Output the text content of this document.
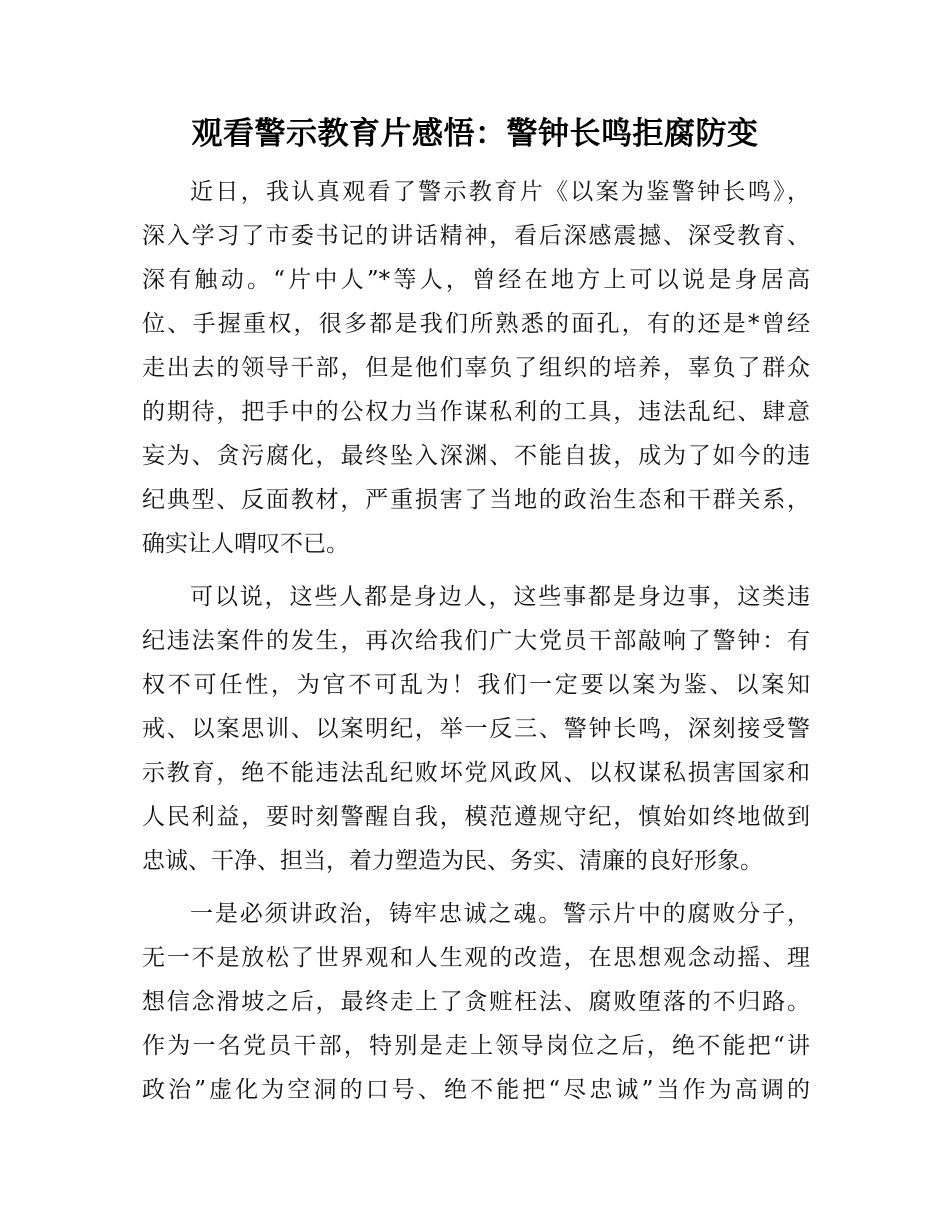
观看警示教育片感悟：警钟长鸣拒腐防变
近日，我认真观看了警示教育片《以案为鉴警钟长鸣》，
深入学习了市委书记的讲话精神，看后深感震撼、深受教育、
深有触动。“片中人”*等人，曾经在地方上可以说是身居高
位、手握重权，很多都是我们所熟悉的面孔，有的还是*曾经
走出去的领导干部，但是他们辜负了组织的培养，辜负了群众
的期待，把手中的公权力当作谋私利的工具，违法乱纪、肆意
妄为、贪污腐化，最终坠入深渊、不能自拔，成为了如今的违
纪典型、反面教材，严重损害了当地的政治生态和干群关系，
确实让人喟叹不已。
可以说，这些人都是身边人，这些事都是身边事，这类违
纪违法案件的发生，再次给我们广大党员干部敲响了警钟：有
权不可任性，为官不可乱为！我们一定要以案为鉴、以案知
戒、以案思训、以案明纪，举一反三、警钟长鸣，深刻接受警
示教育，绝不能违法乱纪败坏党风政风、以权谋私损害国家和
人民利益，要时刻警醒自我，模范遵规守纪，慎始如终地做到
忠诚、干净、担当，着力塑造为民、务实、清廉的良好形象。
一是必须讲政治，铸牢忠诚之魂。警示片中的腐败分子，
无一不是放松了世界观和人生观的改造，在思想观念动摇、理
想信念滑坡之后，最终走上了贪赃枉法、腐败堕落的不归路。
作为一名党员干部，特别是走上领导岗位之后，绝不能把“讲
政治”虚化为空洞的口号、绝不能把“尽忠诚”当作为高调的
